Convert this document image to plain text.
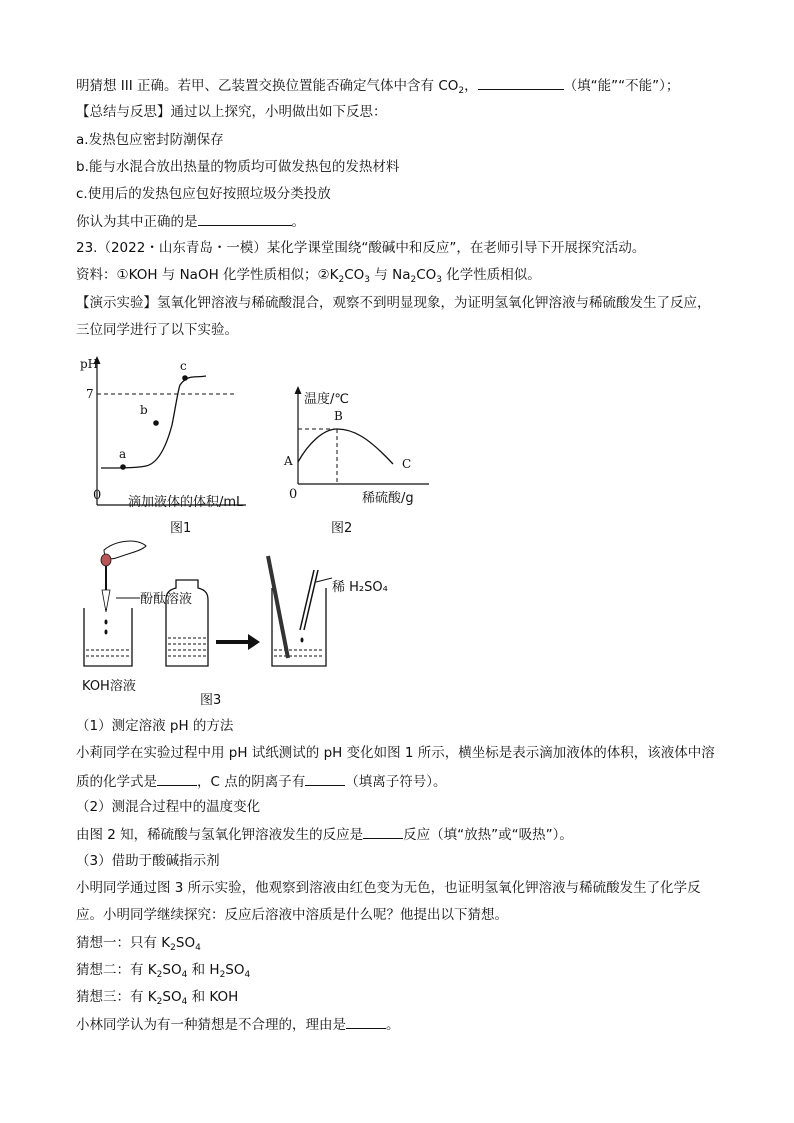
明猜想 III 正确。若甲、乙装置交换位置能否确定气体中含有 $CO_2$，	（填“能”“不能”）；
【总结与反思】通过以上探究，小明做出如下反思：
a.发热包应密封防潮保存
b.能与水混合放出热量的物质均可做发热包的发热材料
c.使用后的发热包应包好按照垃圾分类投放
你认为其中正确的是	。
23.（2022・山东青岛・一模）某化学课堂围绕“酸碱中和反应”，在老师引导下开展探究活动。
资料：①KOH 与 NaOH 化学性质相似；$②K_2CO_3$ 与 $Na_2CO_3$ 化学性质相似。
【演示实验】氢氧化钾溶液与稀硫酸混合，观察不到明显现象，为证明氢氧化钾溶液与稀硫酸发生了反应，
三位同学进行了以下实验。
pH
7
a
b
c
0 滴加液体的体积/mL
图1
A
B
C
温度/℃
0	稀硫酸/g
图2
酚酞溶液
稀 H₂SO₄
KOH溶液
图3
（1）测定溶液 pH 的方法
小莉同学在实验过程中用 pH 试纸测试的 pH 变化如图 1 所示，横坐标是表示滴加液体的体积，该液体中溶
质的化学式是	，C 点的阴离子有	（填离子符号）。
（2）测混合过程中的温度变化
由图 2 知，稀硫酸与氢氧化钾溶液发生的反应是	反应（填“放热”或“吸热”）。
（3）借助于酸碱指示剂
小明同学通过图 3 所示实验，他观察到溶液由红色变为无色，也证明氢氧化钾溶液与稀硫酸发生了化学反
应。小明同学继续探究：反应后溶液中溶质是什么呢？他提出以下猜想。
猜想一：只有 $K_2SO_4$
猜想二：有 $K_2SO_4$ 和 $H_2SO_4$
猜想三：有 $K_2SO_4$ 和 KOH
小林同学认为有一种猜想是不合理的，理由是	。
